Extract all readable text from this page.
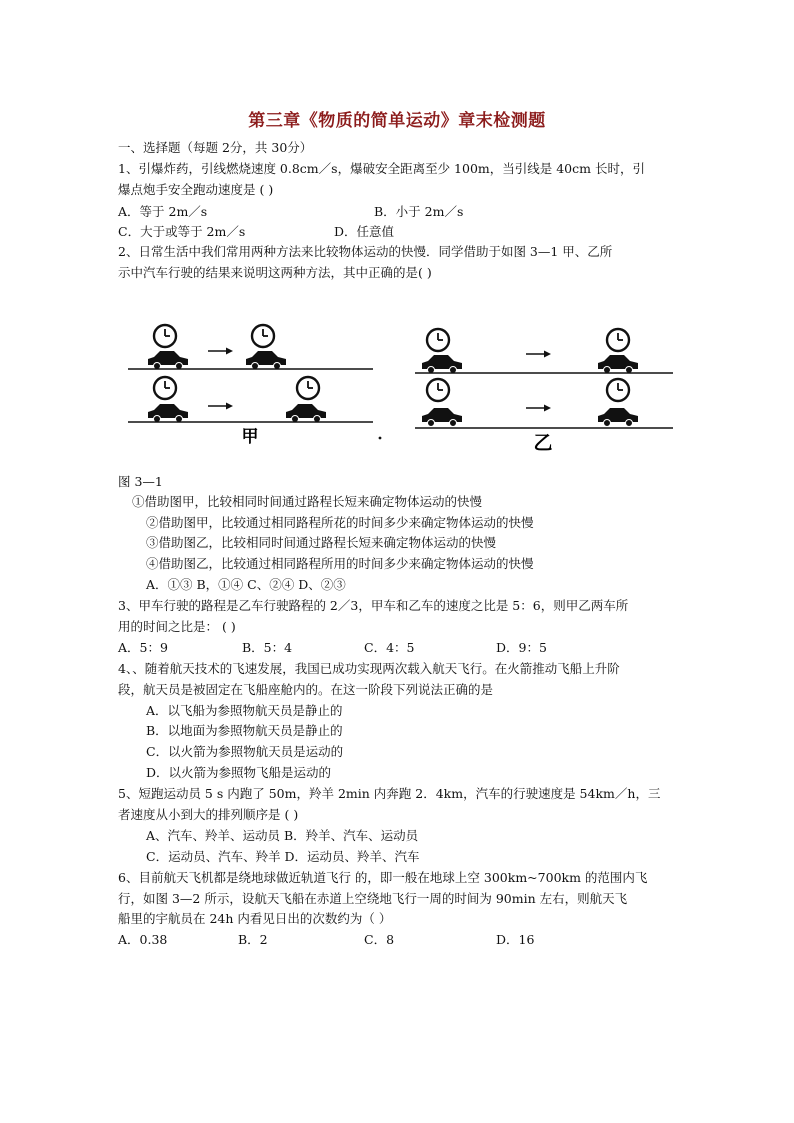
第三章《物质的简单运动》章末检测题
一、选择题（每题 2分，共 30分）
1、引爆炸药，引线燃烧速度 0.8cm／s，爆破安全距离至少 100m，当引线是 40cm 长时，引
爆点炮手安全跑动速度是 ( )
A．等于 2m／s	B．小于 2m／s
C．大于或等于 2m／s	D．任意值
2、日常生活中我们常用两种方法来比较物体运动的快慢．同学借助于如图 3—1 甲、乙所
示中汽车行驶的结果来说明这两种方法，其中正确的是( )
甲	乙
图 3—1
①借助图甲，比较相同时间通过路程长短来确定物体运动的快慢
②借助图甲，比较通过相同路程所花的时间多少来确定物体运动的快慢
③借助图乙，比较相同时间通过路程长短来确定物体运动的快慢
④借助图乙，比较通过相同路程所用的时间多少来确定物体运动的快慢
A．①③ B，①④ C、②④ D、②③
3、甲车行驶的路程是乙车行驶路程的 2／3，甲车和乙车的速度之比是 5：6，则甲乙两车所
用的时间之比是： ( )
A．5：9	B．5：4	C．4：5	D．9：5
4、、随着航天技术的飞速发展，我国已成功实现两次载入航天飞行。在火箭推动飞船上升阶
段，航天员是被固定在飞船座舱内的。在这一阶段下列说法正确的是
A．以飞船为参照物航天员是静止的
B．以地面为参照物航天员是静止的
C．以火箭为参照物航天员是运动的
D．以火箭为参照物飞船是运动的
5、短跑运动员 5 s 内跑了 50m，羚羊 2min 内奔跑 2．4km，汽车的行驶速度是 54km／h，三
者速度从小到大的排列顺序是 ( )
A、汽车、羚羊、运动员 B．羚羊、汽车、运动员
C．运动员、汽车、羚羊 D．运动员、羚羊、汽车
6、目前航天飞机都是绕地球做近轨道飞行 的，即一般在地球上空 300km~700km 的范围内飞
行，如图 3—2 所示，设航天飞船在赤道上空绕地飞行一周的时间为 90min 左右，则航天飞
船里的宇航员在 24h 内看见日出的次数约为（ ）
A．0.38	B．2	C．8	D．16
